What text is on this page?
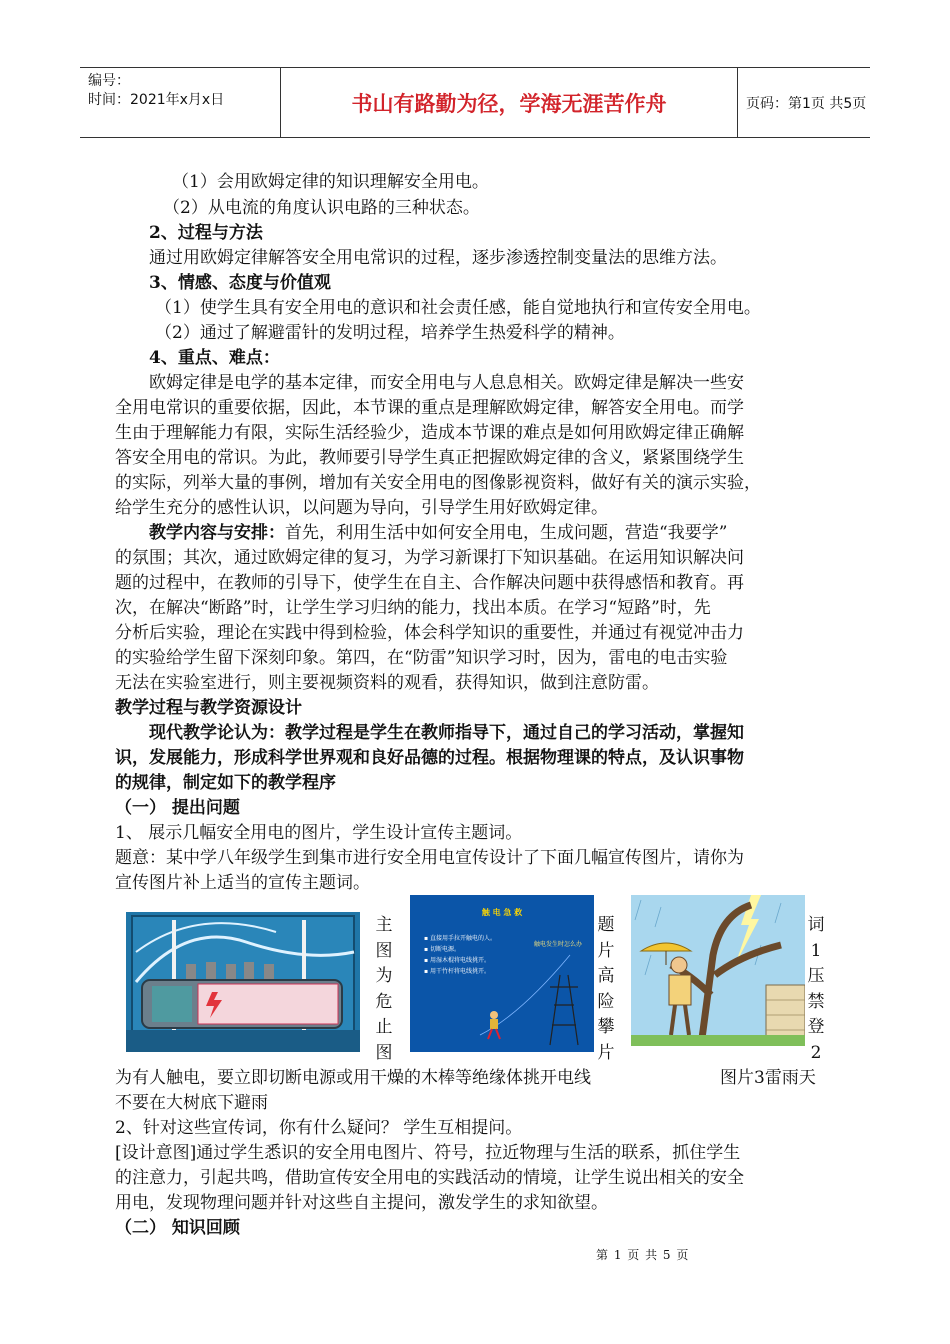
编号：
时间：2021年x月x日	书山有路勤为径，学海无涯苦作舟	页码：第1页 共5页
（1）会用欧姆定律的知识理解安全用电。
（2）从电流的角度认识电路的三种状态。
2、过程与方法
通过用欧姆定律解答安全用电常识的过程，逐步渗透控制变量法的思维方法。
3、情感、态度与价值观
（1）使学生具有安全用电的意识和社会责任感，能自觉地执行和宣传安全用电。
（2）通过了解避雷针的发明过程，培养学生热爱科学的精神。
4、重点、难点：
欧姆定律是电学的基本定律，而安全用电与人息息相关。欧姆定律是解决一些安
全用电常识的重要依据，因此，本节课的重点是理解欧姆定律，解答安全用电。而学
生由于理解能力有限，实际生活经验少，造成本节课的难点是如何用欧姆定律正确解
答安全用电的常识。为此，教师要引导学生真正把握欧姆定律的含义，紧紧围绕学生
的实际，列举大量的事例，增加有关安全用电的图像影视资料，做好有关的演示实验，
给学生充分的感性认识，以问题为导向，引导学生用好欧姆定律。
教学内容与安排：首先，利用生活中如何安全用电，生成问题，营造“我要学”
的氛围；其次，通过欧姆定律的复习，为学习新课打下知识基础。在运用知识解决问
题的过程中，在教师的引导下，使学生在自主、合作解决问题中获得感悟和教育。再
次，在解决“断路”时，让学生学习归纳的能力，找出本质。在学习“短路”时，先
分析后实验，理论在实践中得到检验，体会科学知识的重要性，并通过有视觉冲击力
的实验给学生留下深刻印象。第四，在“防雷”知识学习时，因为，雷电的电击实验
无法在实验室进行，则主要视频资料的观看，获得知识，做到注意防雷。
教学过程与教学资源设计
现代教学论认为：教学过程是学生在教师指导下，通过自己的学习活动，掌握知
识，发展能力，形成科学世界观和良好品德的过程。根据物理课的特点，及认识事物
的规律，制定如下的教学程序
（一） 提出问题
1、 展示几幅安全用电的图片，学生设计宣传主题词。
题意：某中学八年级学生到集市进行安全用电宣传设计了下面几幅宣传图片，请你为
宣传图片补上适当的宣传主题词。
主
图
为
危
止
图
触 电 急 救
▪ 直接用手拉开触电的人。
▪ 切断电源。
▪ 用湿木棍将电线挑开。
▪ 用干竹杆将电线挑开。
触电发生时怎么办
题
片
高
险
攀
片
词
1
压
禁
登
2
为有人触电，要立即切断电源或用干燥的木棒等绝缘体挑开电线	图片3雷雨天
不要在大树底下避雨
2、针对这些宣传词，你有什么疑问？ 学生互相提问。
[设计意图]通过学生悉识的安全用电图片、符号，拉近物理与生活的联系，抓住学生
的注意力，引起共鸣，借助宣传安全用电的实践活动的情境，让学生说出相关的安全
用电，发现物理问题并针对这些自主提问，激发学生的求知欲望。
（二） 知识回顾
第 1 页 共 5 页
